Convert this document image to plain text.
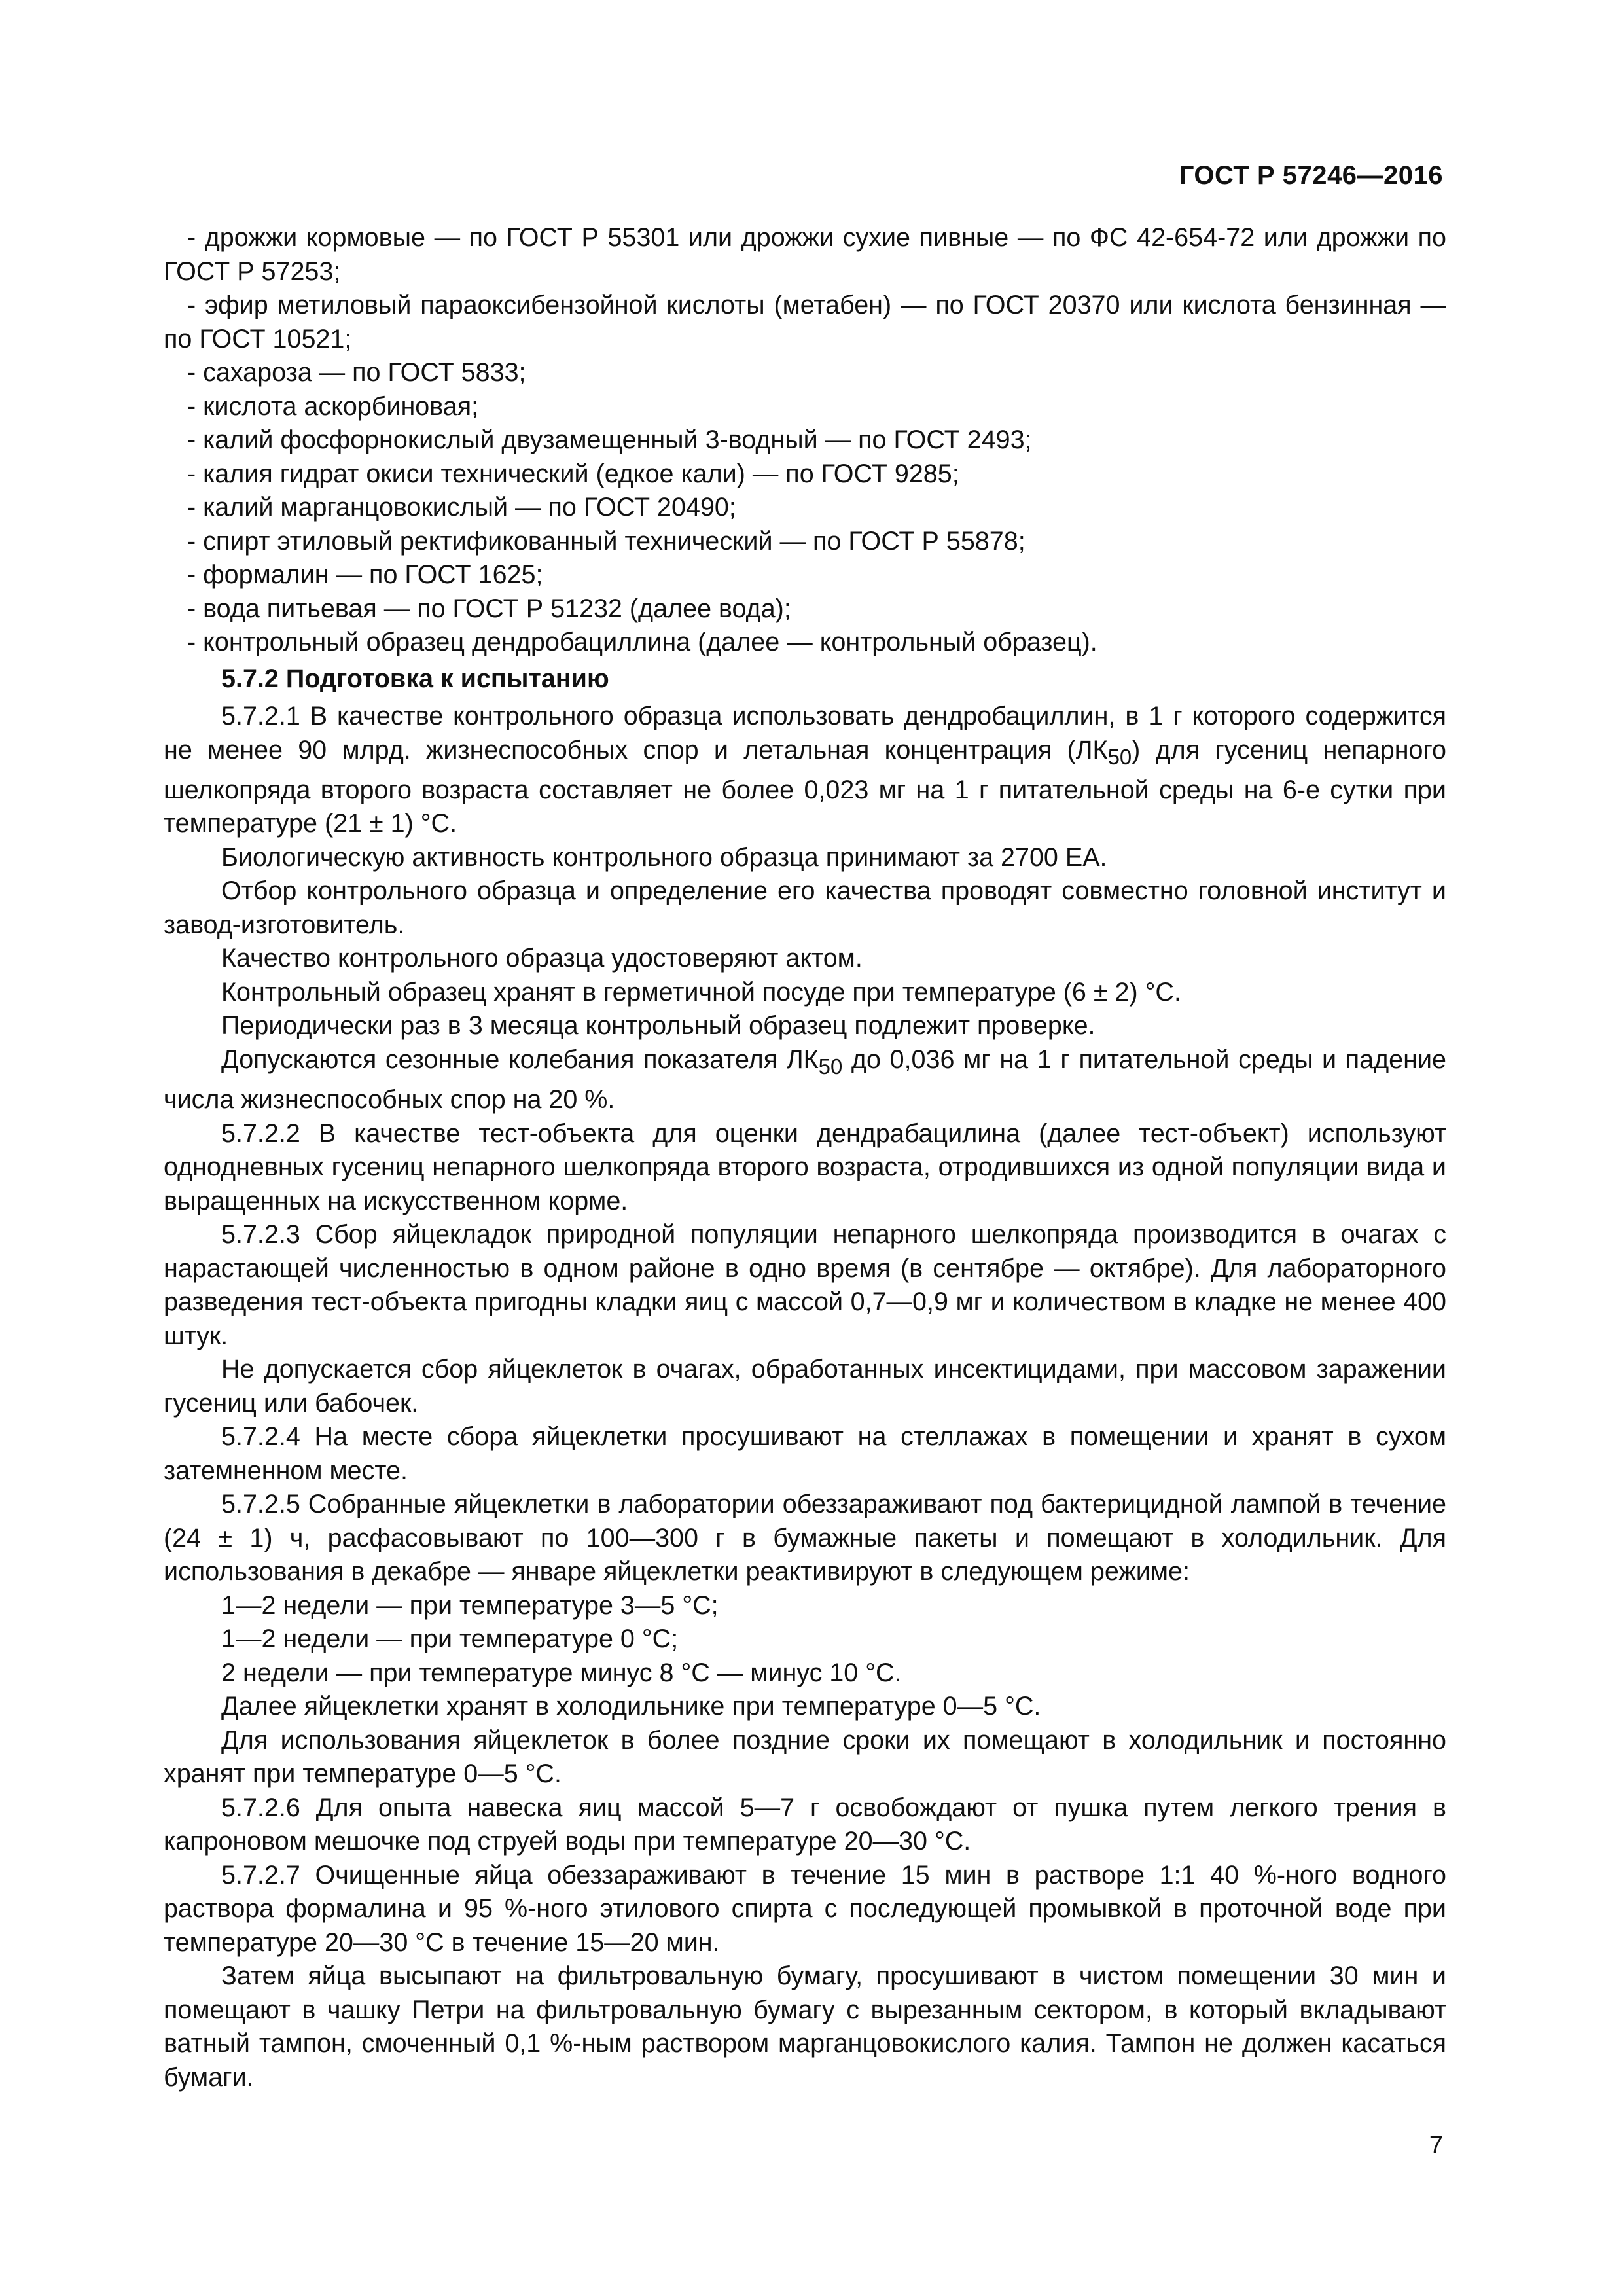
ГОСТ Р 57246—2016

- дрожжи кормовые — по ГОСТ Р 55301 или дрожжи сухие пивные — по ФС 42-654-72 или дрожжи по ГОСТ Р 57253;

- эфир метиловый параоксибензойной кислоты (метабен) — по ГОСТ 20370 или кислота бензинная — по ГОСТ 10521;

- сахароза — по ГОСТ 5833;

- кислота аскорбиновая;

- калий фосфорнокислый двузамещенный 3-водный — по ГОСТ 2493;

- калия гидрат окиси технический (едкое кали) — по ГОСТ 9285;

- калий марганцовокислый — по ГОСТ 20490;

- спирт этиловый ректификованный технический — по ГОСТ Р 55878;

- формалин — по ГОСТ 1625;

- вода питьевая — по ГОСТ Р 51232 (далее вода);

- контрольный образец дендробациллина (далее — контрольный образец).

5.7.2 Подготовка к испытанию

5.7.2.1 В качестве контрольного образца использовать дендробациллин, в 1 г которого содержится не менее 90 млрд. жизнеспособных спор и летальная концентрация $(ЛК_{50})$ для гусениц непарного шелкопряда второго возраста составляет не более 0,023 мг на 1 г питательной среды на 6-е сутки при температуре (21 ± 1) °С.

Биологическую активность контрольного образца принимают за 2700 ЕА.

Отбор контрольного образца и определение его качества проводят совместно головной институт и завод-изготовитель.

Качество контрольного образца удостоверяют актом.

Контрольный образец хранят в герметичной посуде при температуре (6 ± 2) °С.

Периодически раз в 3 месяца контрольный образец подлежит проверке.

Допускаются сезонные колебания показателя $ЛК_{50}$ до 0,036 мг на 1 г питательной среды и падение числа жизнеспособных спор на 20 %.

5.7.2.2 В качестве тест-объекта для оценки дендрабацилина (далее тест-объект) используют однодневных гусениц непарного шелкопряда второго возраста, отродившихся из одной популяции вида и выращенных на искусственном корме.

5.7.2.3 Сбор яйцекладок природной популяции непарного шелкопряда производится в очагах с нарастающей численностью в одном районе в одно время (в сентябре — октябре). Для лабораторного разведения тест-объекта пригодны кладки яиц с массой 0,7—0,9 мг и количеством в кладке не менее 400 штук.

Не допускается сбор яйцеклеток в очагах, обработанных инсектицидами, при массовом заражении гусениц или бабочек.

5.7.2.4 На месте сбора яйцеклетки просушивают на стеллажах в помещении и хранят в сухом затемненном месте.

5.7.2.5 Собранные яйцеклетки в лаборатории обеззараживают под бактерицидной лампой в течение (24 ± 1) ч, расфасовывают по 100—300 г в бумажные пакеты и помещают в холодильник. Для использования в декабре — январе яйцеклетки реактивируют в следующем режиме:

1—2 недели — при температуре 3—5 °С;

1—2 недели — при температуре 0 °С;

2 недели — при температуре минус 8 °С — минус 10 °С.

Далее яйцеклетки хранят в холодильнике при температуре 0—5 °С.

Для использования яйцеклеток в более поздние сроки их помещают в холодильник и постоянно хранят при температуре 0—5 °С.

5.7.2.6 Для опыта навеска яиц массой 5—7 г освобождают от пушка путем легкого трения в капроновом мешочке под струей воды при температуре 20—30 °С.

5.7.2.7 Очищенные яйца обеззараживают в течение 15 мин в растворе 1:1 40 %-ного водного раствора формалина и 95 %-ного этилового спирта с последующей промывкой в проточной воде при температуре 20—30 °С в течение 15—20 мин.

Затем яйца высыпают на фильтровальную бумагу, просушивают в чистом помещении 30 мин и помещают в чашку Петри на фильтровальную бумагу с вырезанным сектором, в который вкладывают ватный тампон, смоченный 0,1 %-ным раствором марганцовокислого калия. Тампон не должен касаться бумаги.

7
